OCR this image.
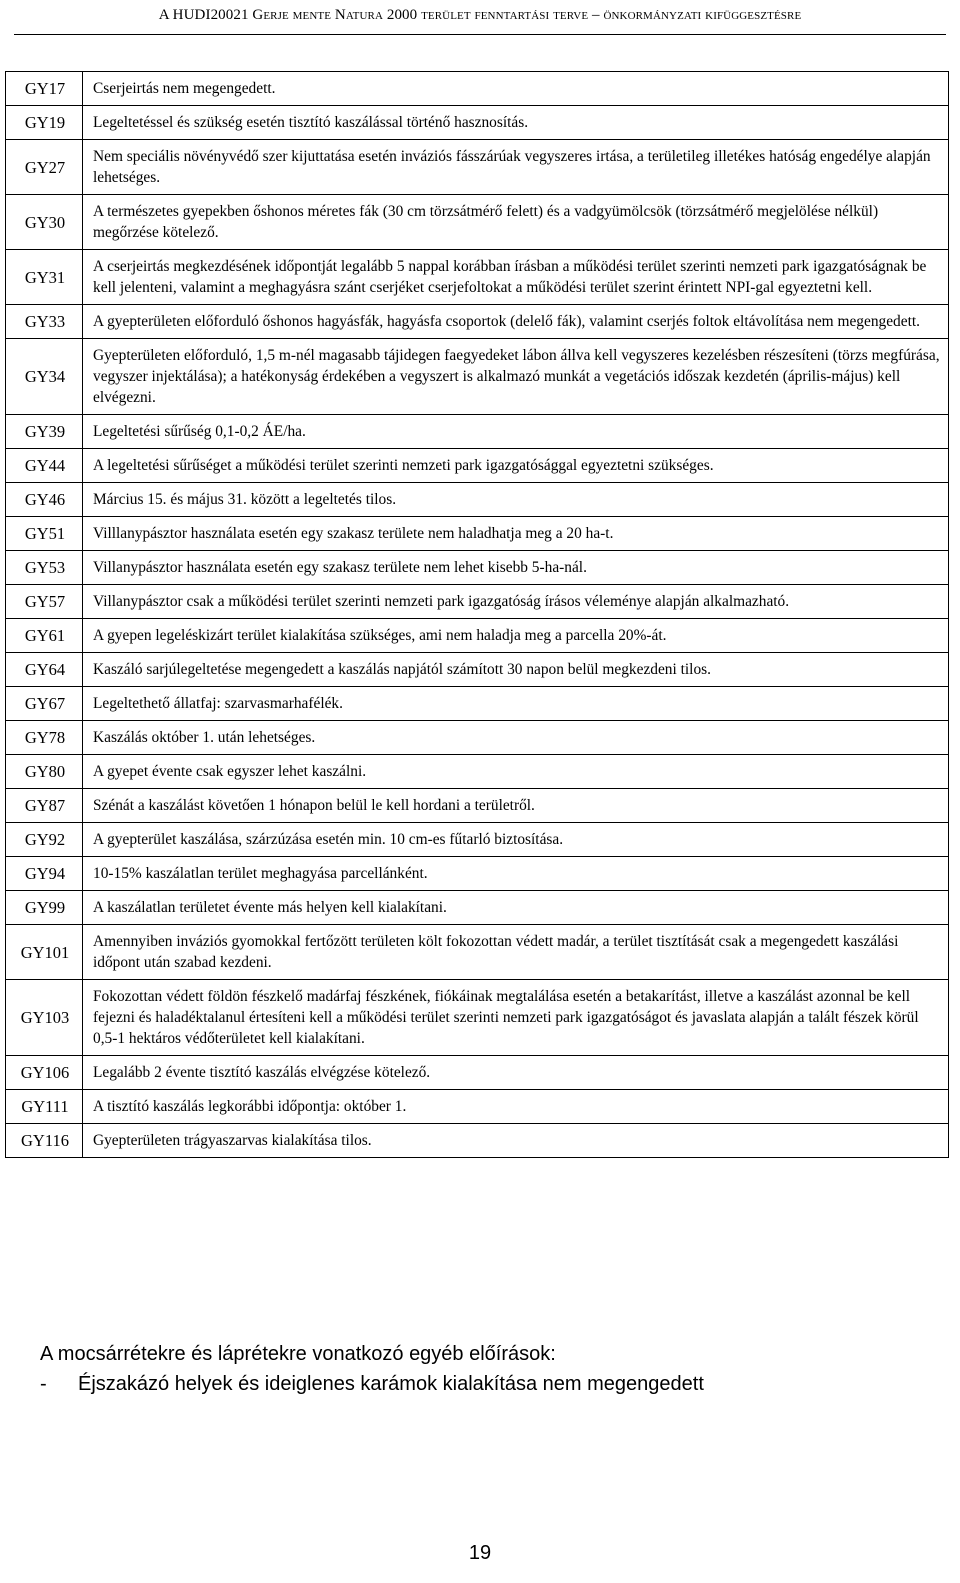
A HUDI20021 Gerje mente Natura 2000 terület fenntartási terve – önkormányzati kifüggesztésre
GY17	Cserjeirtás nem megengedett.
GY19	Legeltetéssel és szükség esetén tisztító kaszálással történő hasznosítás.
GY27	Nem speciális növényvédő szer kijuttatása esetén inváziós fásszárúak vegyszeres irtása, a területileg illetékes hatóság engedélye alapján lehetséges.
GY30	A természetes gyepekben őshonos méretes fák (30 cm törzsátmérő felett) és a vadgyümölcsök (törzsátmérő megjelölése nélkül) megőrzése kötelező.
GY31	A cserjeirtás megkezdésének időpontját legalább 5 nappal korábban írásban a működési terület szerinti nemzeti park igazgatóságnak be kell jelenteni, valamint a meghagyásra szánt cserjéket cserjefoltokat a működési terület szerint érintett NPI-gal egyeztetni kell.
GY33	A gyepterületen előforduló őshonos hagyásfák, hagyásfa csoportok (delelő fák), valamint cserjés foltok eltávolítása nem megengedett.
GY34	Gyepterületen előforduló, 1,5 m-nél magasabb tájidegen faegyedeket lábon állva kell vegyszeres kezelésben részesíteni (törzs megfúrása, vegyszer injektálása); a hatékonyság érdekében a vegyszert is alkalmazó munkát a vegetációs időszak kezdetén (április-május) kell elvégezni.
GY39	Legeltetési sűrűség 0,1-0,2 ÁE/ha.
GY44	A legeltetési sűrűséget a működési terület szerinti nemzeti park igazgatósággal egyeztetni szükséges.
GY46	Március 15. és május 31. között a legeltetés tilos.
GY51	Villlanypásztor használata esetén egy szakasz területe nem haladhatja meg a 20 ha-t.
GY53	Villanypásztor használata esetén egy szakasz területe nem lehet kisebb 5-ha-nál.
GY57	Villanypásztor csak a működési terület szerinti nemzeti park igazgatóság írásos véleménye alapján alkalmazható.
GY61	A gyepen legeléskizárt terület kialakítása szükséges, ami nem haladja meg a parcella 20%-át.
GY64	Kaszáló sarjúlegeltetése megengedett a kaszálás napjától számított 30 napon belül megkezdeni tilos.
GY67	Legeltethető állatfaj: szarvasmarhafélék.
GY78	Kaszálás október 1. után lehetséges.
GY80	A gyepet évente csak egyszer lehet kaszálni.
GY87	Szénát a kaszálást követően 1 hónapon belül le kell hordani a területről.
GY92	A gyepterület kaszálása, szárzúzása esetén min. 10 cm-es fűtarló biztosítása.
GY94	10-15% kaszálatlan terület meghagyása parcellánként.
GY99	A kaszálatlan területet évente más helyen kell kialakítani.
GY101	Amennyiben inváziós gyomokkal fertőzött területen költ fokozottan védett madár, a terület tisztítását csak a megengedett kaszálási időpont után szabad kezdeni.
GY103	Fokozottan védett földön fészkelő madárfaj fészkének, fiókáinak megtalálása esetén a betakarítást, illetve a kaszálást azonnal be kell fejezni és haladéktalanul értesíteni kell a működési terület szerinti nemzeti park igazgatóságot és javaslata alapján a talált fészek körül 0,5-1 hektáros védőterületet kell kialakítani.
GY106	Legalább 2 évente tisztító kaszálás elvégzése kötelező.
GY111	A tisztító kaszálás legkorábbi időpontja: október 1.
GY116	Gyepterületen trágyaszarvas kialakítása tilos.
A mocsárrétekre és láprétekre vonatkozó egyéb előírások:
- Éjszakázó helyek és ideiglenes karámok kialakítása nem megengedett
19
